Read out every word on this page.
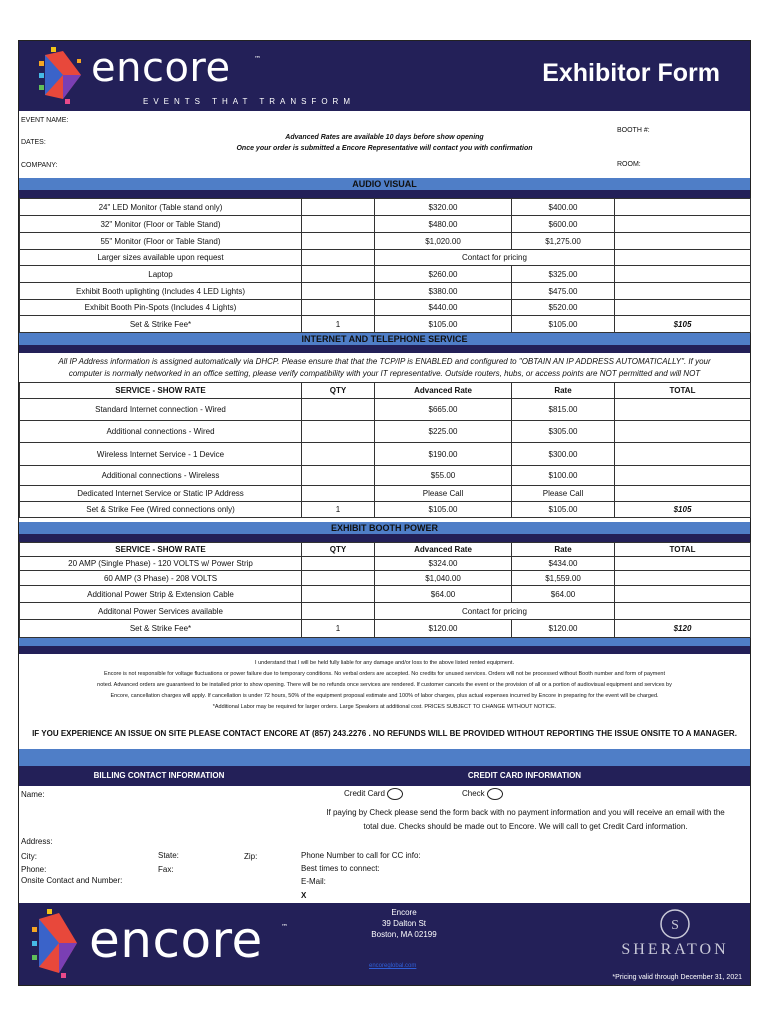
encore	™
EVENTS THAT TRANSFORM
Exhibitor Form
EVENT NAME:
DATES:
COMPANY:
BOOTH #:
ROOM:
Advanced Rates are available 10 days before show opening
Once your order is submitted a Encore Representative will contact you with confirmation
AUDIO VISUAL
24" LED Monitor (Table stand only)		$320.00	$400.00	
32" Monitor (Floor or Table Stand)		$480.00	$600.00	
55" Monitor (Floor or Table Stand)		$1,020.00	$1,275.00	
Larger sizes available upon request		Contact for pricing		
Laptop		$260.00	$325.00	
Exhibit Booth uplighting (Includes 4 LED Lights)		$380.00	$475.00	
Exhibit Booth Pin-Spots (Includes 4 Lights)		$440.00	$520.00	
Set & Strike Fee*	1	$105.00	$105.00	$105
INTERNET AND TELEPHONE SERVICE
All IP Address information is assigned automatically via DHCP. Please ensure that that the TCP/IP is ENABLED and configured to "OBTAIN AN IP ADDRESS AUTOMATICALLY". If your
computer is normally networked in an office setting, please verify compatibility with your IT representative. Outside routers, hubs, or access points are NOT permitted and will NOT
SERVICE - SHOW RATE	QTY	Advanced Rate	Rate	TOTAL
Standard Internet connection - Wired		$665.00	$815.00	
Additional connections - Wired		$225.00	$305.00	
Wireless Internet Service - 1 Device		$190.00	$300.00	
Additional connections - Wireless		$55.00	$100.00	
Dedicated Internet Service or Static IP Address		Please Call	Please Call	
Set & Strike Fee (Wired connections only)	1	$105.00	$105.00	$105
EXHIBIT BOOTH POWER
SERVICE - SHOW RATE	QTY	Advanced Rate	Rate	TOTAL
20 AMP (Single Phase) - 120 VOLTS w/ Power Strip		$324.00	$434.00	
60 AMP (3 Phase) - 208 VOLTS		$1,040.00	$1,559.00	
Additional Power Strip & Extension Cable		$64.00	$64.00	
Additonal Power Services available		Contact for pricing		
Set & Strike Fee*	1	$120.00	$120.00	$120
I understand that I will be held fully liable for any damage and/or loss to the above listed rented equipment.
Encore is not responsible for voltage fluctuations or power failure due to temporary conditions. No verbal orders are accepted. No credits for unused services. Orders will not be processed without Booth number and form of payment
noted. Advanced orders are guaranteed to be installed prior to show opening. There will be no refunds once services are rendered. If customer cancels the event or the provision of all or a portion of audiovisual equipment and services by
Encore, cancellation charges will apply. If cancellation is under 72 hours, 50% of the equipment proposal estimate and 100% of labor charges, plus actual expenses incurred by Encore in preparing for the event will be charged.
*Additional Labor may be required for larger orders. Large Speakers at additional cost. PRICES SUBJECT TO CHANGE WITHOUT NOTICE.
IF YOU EXPERIENCE AN ISSUE ON SITE PLEASE CONTACT ENCORE AT (857) 243.2276 . NO REFUNDS WILL BE PROVIDED WITHOUT REPORTING THE ISSUE ONSITE TO A MANAGER.
BILLING CONTACT INFORMATION	CREDIT CARD INFORMATION
Name:
Address:
City:	State:	Zip:
Phone:	Fax:
Onsite Contact and Number:
Credit Card	Check
If paying by Check please send the form back with no payment information and you will receive an email with the
total due. Checks should be made out to Encore. We will call to get Credit Card information.
Phone Number to call for CC info:
Best times to connect:
E-Mail:
X
encore	™
Encore
39 Dalton St
Boston, MA 02199
encoreglobal.com
S
SHERATON
*Pricing valid through December 31, 2021
